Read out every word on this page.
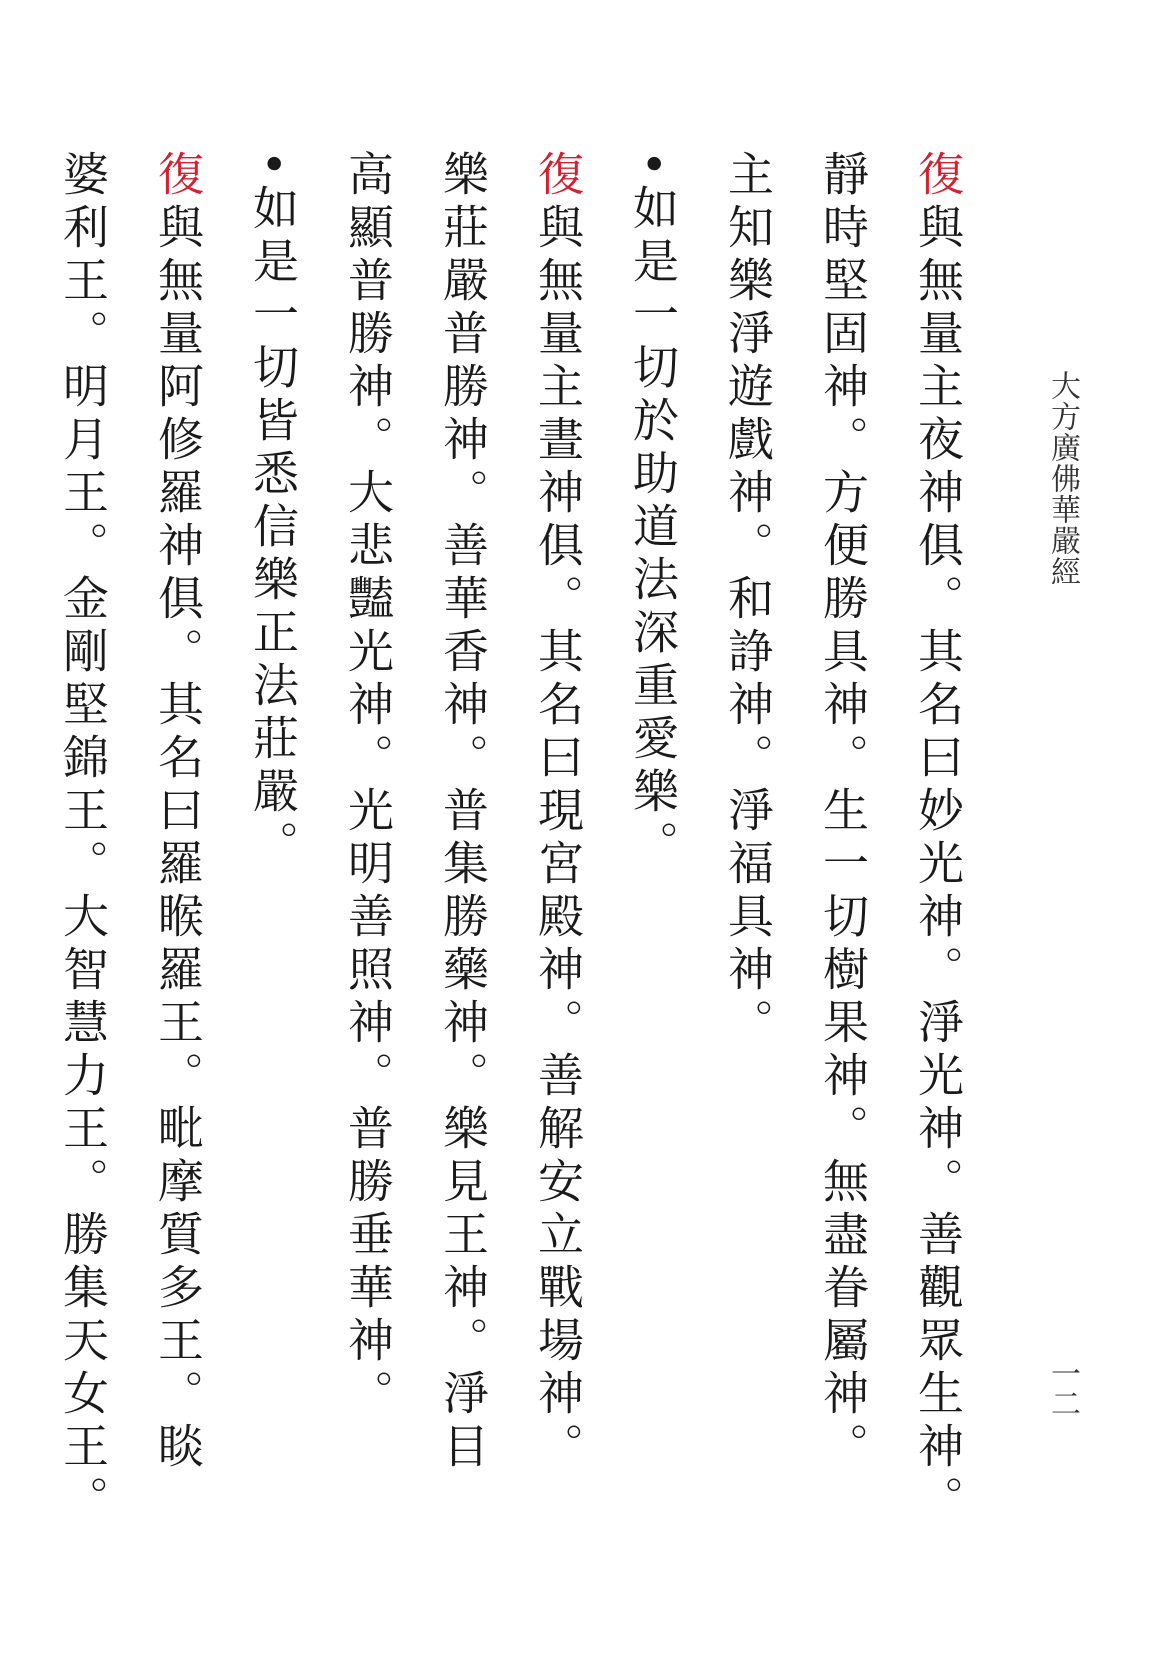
大方廣佛華嚴經
一二
復與無量主夜神俱。其名曰妙光神。淨光神。善觀眾生神。
靜時堅固神。方便勝具神。生一切樹果神。無盡眷屬神。
主知樂淨遊戲神。和諍神。淨福具神。
•如是一切於助道法深重愛樂。
復與無量主晝神俱。其名曰現宮殿神。善解安立戰場神。
樂莊嚴普勝神。善華香神。普集勝藥神。樂見王神。淨目
高顯普勝神。大悲豔光神。光明善照神。普勝垂華神。
•如是一切皆悉信樂正法莊嚴。
復與無量阿修羅神俱。其名曰羅睺羅王。毗摩質多王。睒
婆利王。明月王。金剛堅錦王。大智慧力王。勝集天女王。
